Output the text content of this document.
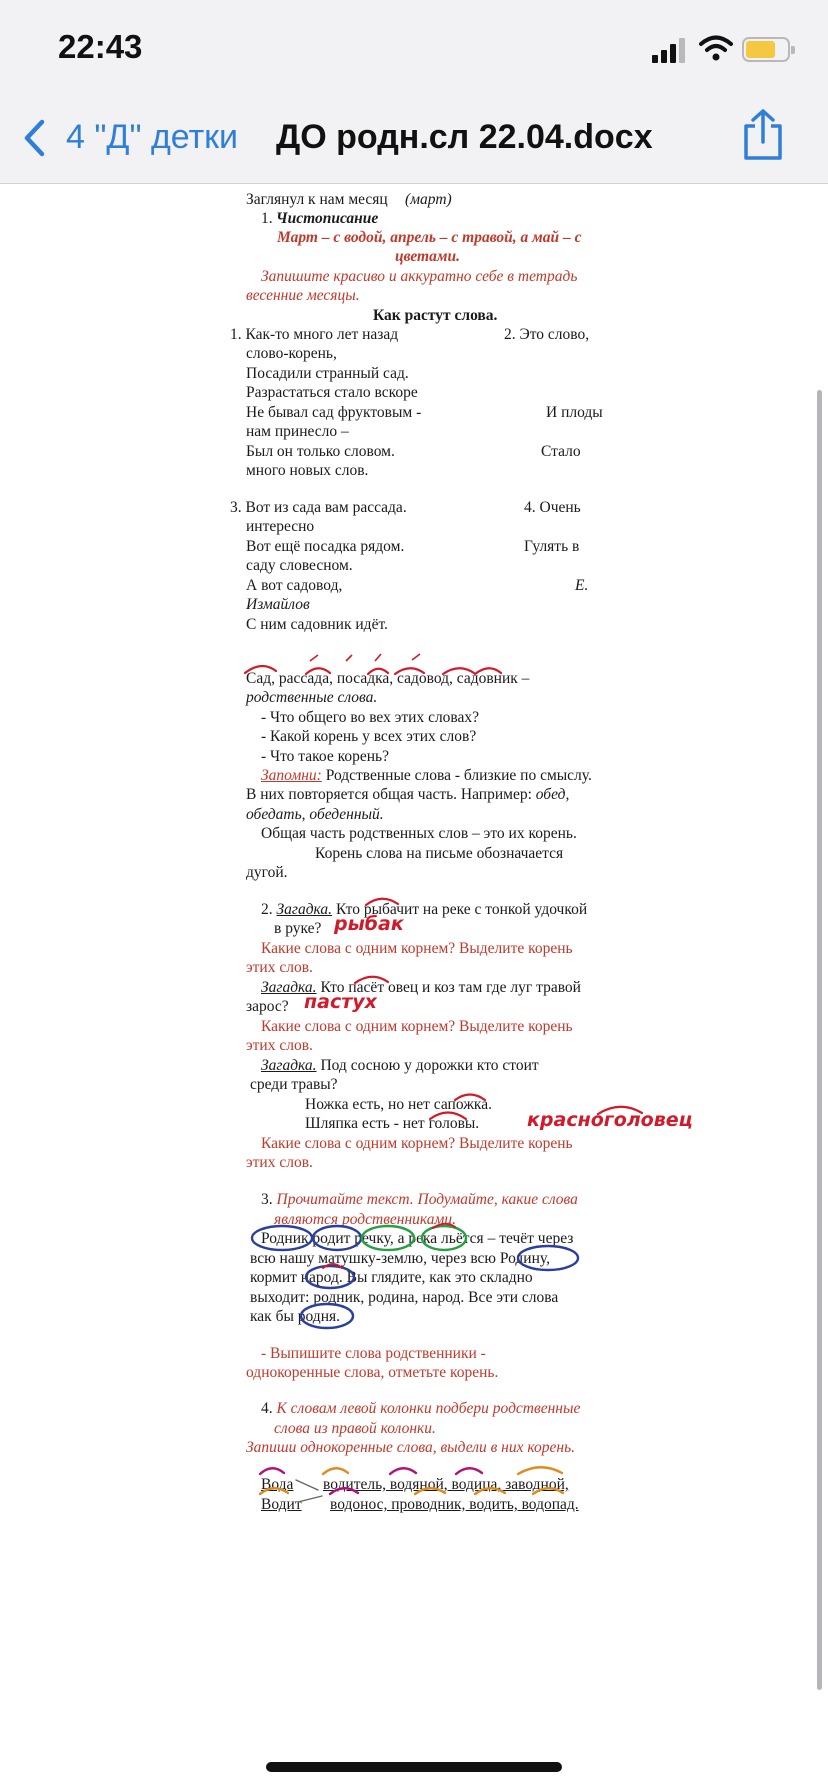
22:43
4 "Д" детки ДО родн.сл 22.04.docx
Заглянул к нам месяц (март)
1. Чистописание
Март – с водой, апрель – с травой, а май – с
цветами.
Запишите красиво и аккуратно себе в тетрадь
весенние месяцы.
Как растут слова.
1. Как-то много лет назад	2. Это слово,
слово-корень,
Посадили странный сад.
Разрастаться стало вскоре
Не бывал сад фруктовым -	И плоды
нам принесло –
Был он только словом.	Стало
много новых слов.
3. Вот из сада вам рассада.	4. Очень
интересно
Вот ещё посадка рядом.	Гулять в
саду словесном.
А вот садовод,	Е.
Измайлов
С ним садовник идёт.
Сад, рассада, посадка, садовод, садовник –
родственные слова.
- Что общего во вех этих словах?
- Какой корень у всех этих слов?
- Что такое корень?
Запомни: Родственные слова - близкие по смыслу.
В них повторяется общая часть. Например: обед,
обедать, обеденный.
Общая часть родственных слов – это их корень.
Корень слова на письме обозначается
дугой.
2. Загадка. Кто рыбачит на реке с тонкой удочкой
в руке? рыбак
Какие слова с одним корнем? Выделите корень
этих слов.
Загадка. Кто пасёт овец и коз там где луг травой
зарос? пастух
Какие слова с одним корнем? Выделите корень
этих слов.
Загадка. Под сосною у дорожки кто стоит
среди травы?
Ножка есть, но нет сапожка.
Шляпка есть - нет головы.	красноголовец
Какие слова с одним корнем? Выделите корень
этих слов.
3. Прочитайте текст. Подумайте, какие слова
являются родственниками.
Родник родит речку, а река льётся – течёт через
всю нашу матушку-землю, через всю Родину,
кормит народ. Вы глядите, как это складно
выходит: родник, родина, народ. Все эти слова
как бы родня.
- Выпишите слова родственники -
однокоренные слова, отметьте корень.
4. К словам левой колонки подбери родственные
слова из правой колонки.
Запиши однокоренные слова, выдели в них корень.
Вода водитель, водяной, водица, заводной,
Водит водонос, проводник, водить, водопад.
